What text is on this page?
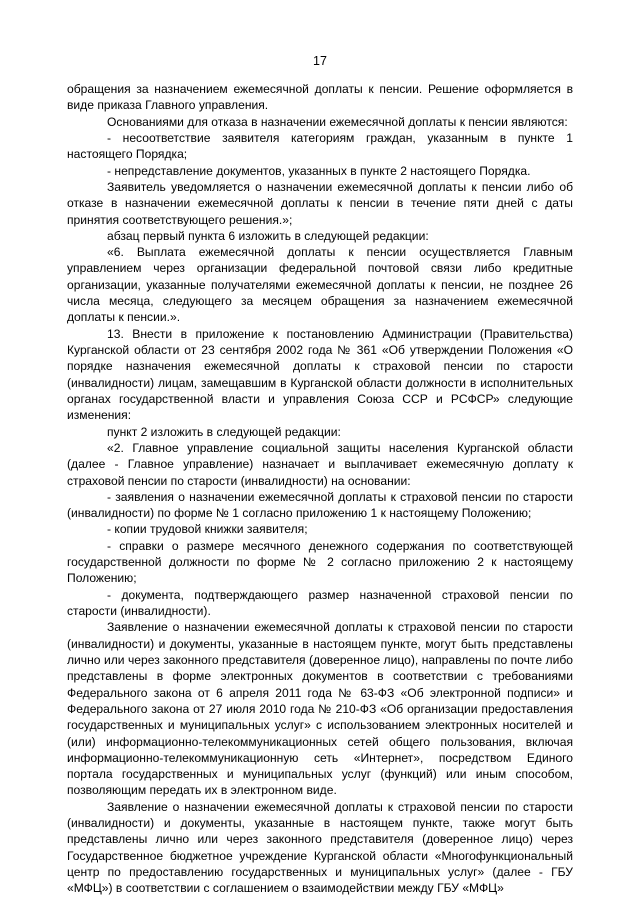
17

обращения за назначением ежемесячной доплаты к пенсии. Решение оформляется в виде приказа Главного управления.

Основаниями для отказа в назначении ежемесячной доплаты к пенсии являются:

- несоответствие заявителя категориям граждан, указанным в пункте 1 настоящего Порядка;

- непредставление документов, указанных в пункте 2 настоящего Порядка.

Заявитель уведомляется о назначении ежемесячной доплаты к пенсии либо об отказе в назначении ежемесячной доплаты к пенсии в течение пяти дней с даты принятия соответствующего решения.»;

абзац первый пункта 6 изложить в следующей редакции:

«6. Выплата ежемесячной доплаты к пенсии осуществляется Главным управлением через организации федеральной почтовой связи либо кредитные организации, указанные получателями ежемесячной доплаты к пенсии, не позднее 26 числа месяца, следующего за месяцем обращения за назначением ежемесячной доплаты к пенсии.».

13. Внести в приложение к постановлению Администрации (Правительства) Курганской области от 23 сентября 2002 года № 361 «Об утверждении Положения «О порядке назначения ежемесячной доплаты к страховой пенсии по старости (инвалидности) лицам, замещавшим в Курганской области должности в исполнительных органах государственной власти и управления Союза ССР и РСФСР» следующие изменения:

пункт 2 изложить в следующей редакции:

«2. Главное управление социальной защиты населения Курганской области (далее - Главное управление) назначает и выплачивает ежемесячную доплату к страховой пенсии по старости (инвалидности) на основании:

- заявления о назначении ежемесячной доплаты к страховой пенсии по старости (инвалидности) по форме № 1 согласно приложению 1 к настоящему Положению;

- копии трудовой книжки заявителя;

- справки о размере месячного денежного содержания по соответствующей государственной должности по форме № 2 согласно приложению 2 к настоящему Положению;

- документа, подтверждающего размер назначенной страховой пенсии по старости (инвалидности).

Заявление о назначении ежемесячной доплаты к страховой пенсии по старости (инвалидности) и документы, указанные в настоящем пункте, могут быть представлены лично или через законного представителя (доверенное лицо), направлены по почте либо представлены в форме электронных документов в соответствии с требованиями Федерального закона от 6 апреля 2011 года № 63-ФЗ «Об электронной подписи» и Федерального закона от 27 июля 2010 года № 210-ФЗ «Об организации предоставления государственных и муниципальных услуг» с использованием электронных носителей и (или) информационно-телекоммуникационных сетей общего пользования, включая информационно-телекоммуникационную сеть «Интернет», посредством Единого портала государственных и муниципальных услуг (функций) или иным способом, позволяющим передать их в электронном виде.

Заявление о назначении ежемесячной доплаты к страховой пенсии по старости (инвалидности) и документы, указанные в настоящем пункте, также могут быть представлены лично или через законного представителя (доверенное лицо) через Государственное бюджетное учреждение Курганской области «Многофункциональный центр по предоставлению государственных и муниципальных услуг» (далее - ГБУ «МФЦ») в соответствии с соглашением о взаимодействии между ГБУ «МФЦ»
